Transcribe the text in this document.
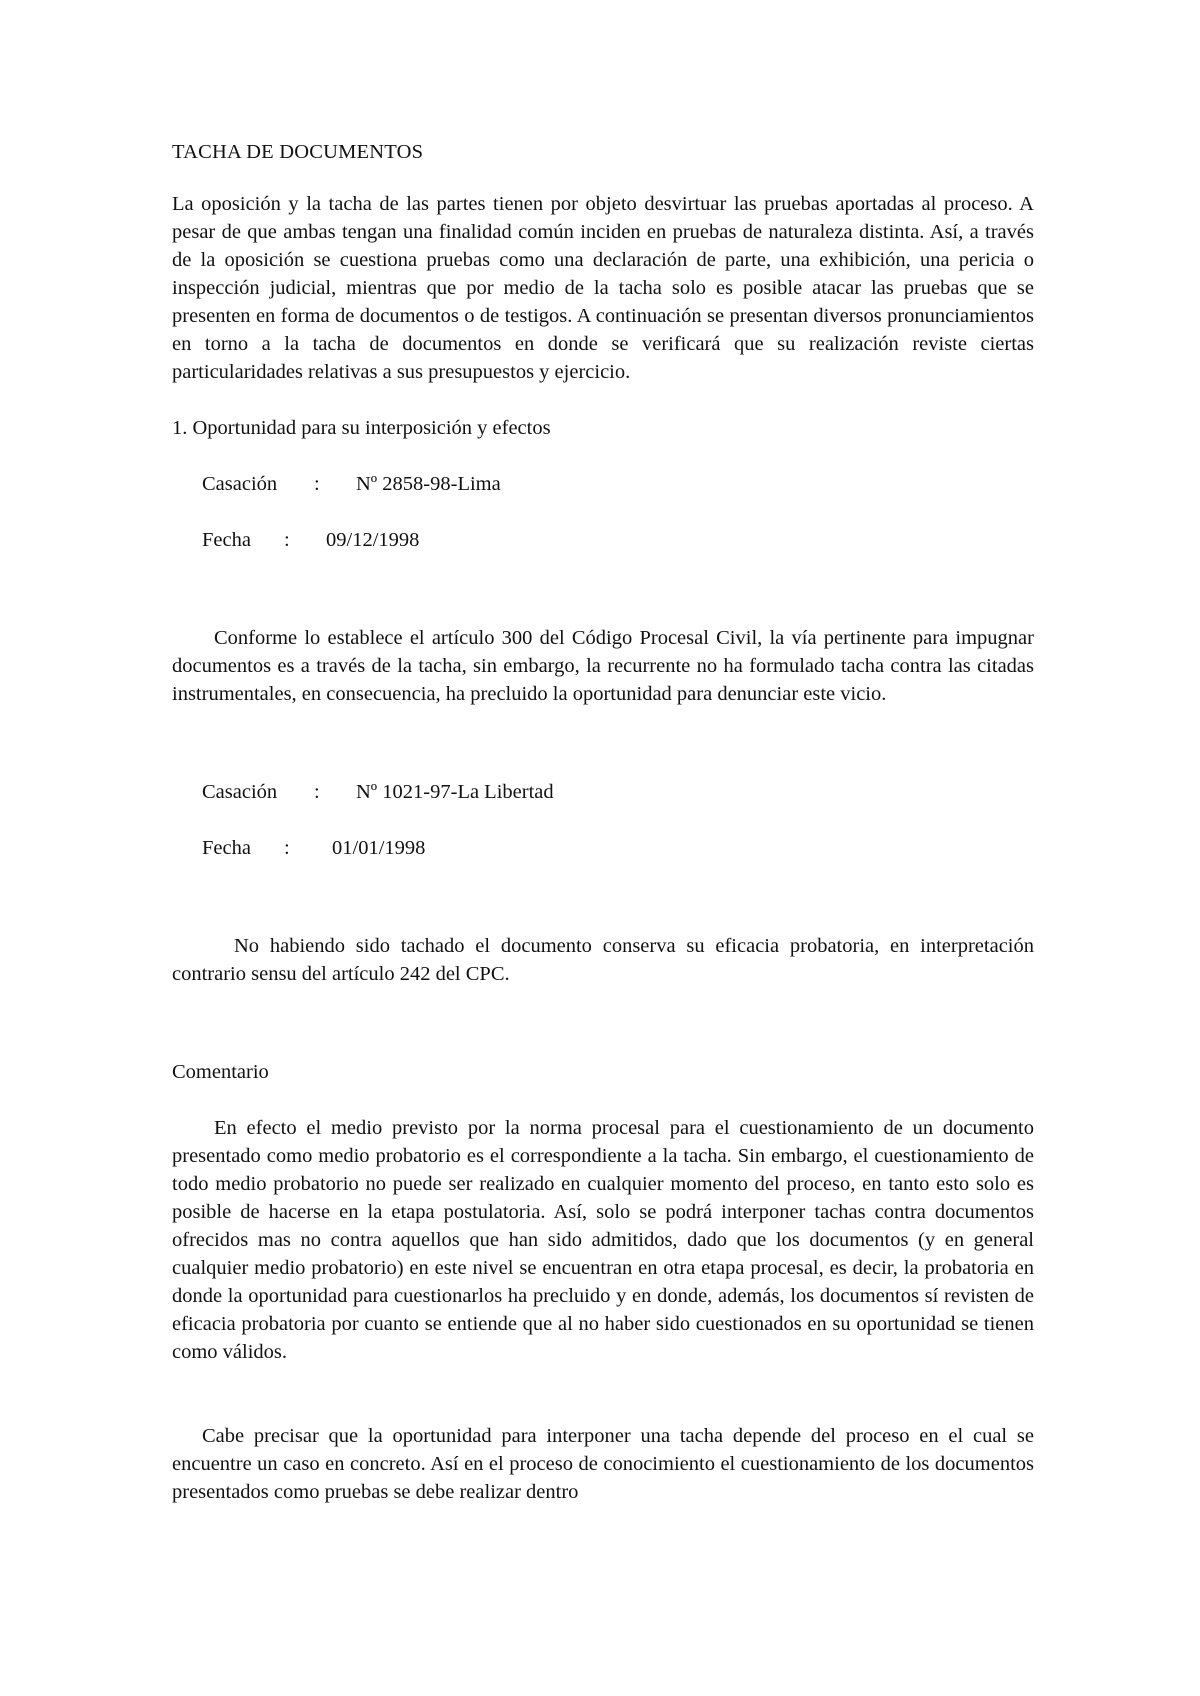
TACHA DE DOCUMENTOS

La oposición y la tacha de las partes tienen por objeto desvirtuar las pruebas aportadas al proceso. A pesar de que ambas tengan una finalidad común inciden en pruebas de naturaleza distinta. Así, a través de la oposición se cuestiona pruebas como una declaración de parte, una exhibición, una pericia o inspección judicial, mientras que por medio de la tacha solo es posible atacar las pruebas que se presenten en forma de documentos o de testigos. A continuación se presentan diversos pronunciamientos en torno a la tacha de documentos en donde se verificará que su realización reviste ciertas particularidades relativas a sus presupuestos y ejercicio.

1. Oportunidad para su interposición y efectos

Casación : Nº 2858-98-Lima
Fecha : 09/12/1998

Conforme lo establece el artículo 300 del Código Procesal Civil, la vía pertinente para impugnar documentos es a través de la tacha, sin embargo, la recurrente no ha formulado tacha contra las citadas instrumentales, en consecuencia, ha precluido la oportunidad para denunciar este vicio.

Casación : Nº 1021-97-La Libertad
Fecha : 01/01/1998

No habiendo sido tachado el documento conserva su eficacia probatoria, en interpretación contrario sensu del artículo 242 del CPC.

Comentario

En efecto el medio previsto por la norma procesal para el cuestionamiento de un documento presentado como medio probatorio es el correspondiente a la tacha. Sin embargo, el cuestionamiento de todo medio probatorio no puede ser realizado en cualquier momento del proceso, en tanto esto solo es posible de hacerse en la etapa postulatoria. Así, solo se podrá interponer tachas contra documentos ofrecidos mas no contra aquellos que han sido admitidos, dado que los documentos (y en general cualquier medio probatorio) en este nivel se encuentran en otra etapa procesal, es decir, la probatoria en donde la oportunidad para cuestionarlos ha precluido y en donde, además, los documentos sí revisten de eficacia probatoria por cuanto se entiende que al no haber sido cuestionados en su oportunidad se tienen como válidos.

Cabe precisar que la oportunidad para interponer una tacha depende del proceso en el cual se encuentre un caso en concreto. Así en el proceso de conocimiento el cuestionamiento de los documentos presentados como pruebas se debe realizar dentro
